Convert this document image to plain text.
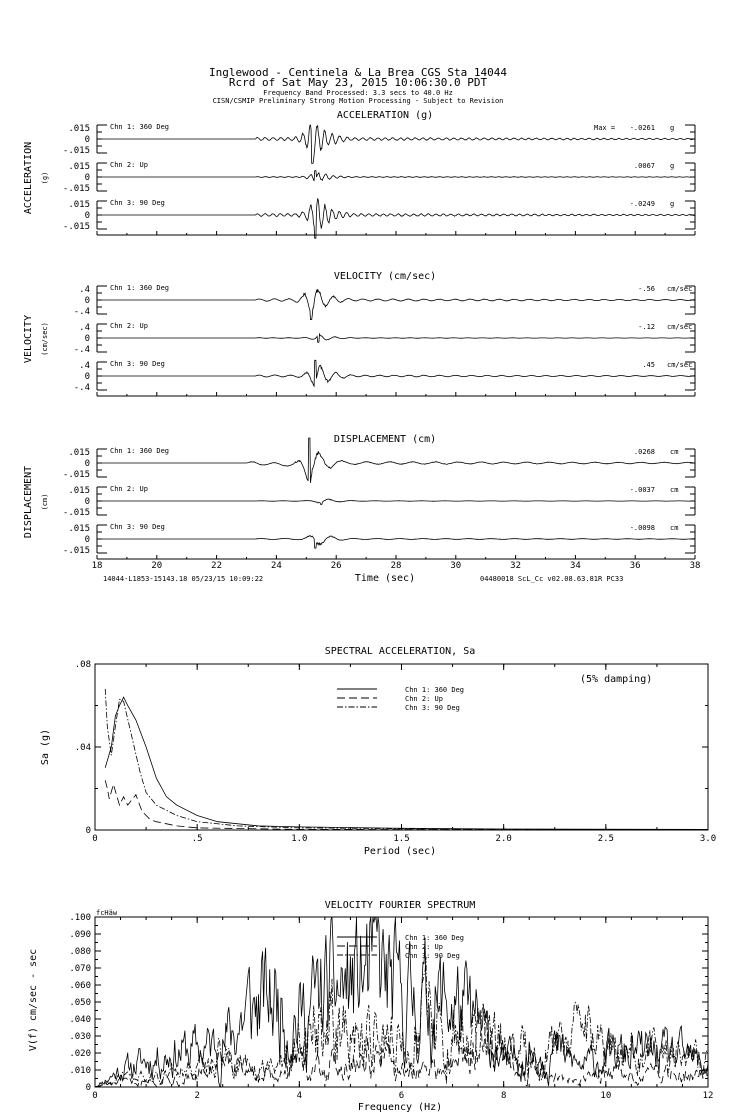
Inglewood - Centinela & La Brea CGS Sta 14044
Rcrd of Sat May 23, 2015 10:06:30.0 PDT
Frequency Band Processed: 3.3 secs to 40.0 Hz
CISN/CSMIP Preliminary Strong Motion Processing - Subject to Revision
ACCELERATION (g)
ACCELERATION (g)
.015
0
-.015
Chn 1: 360 Deg	Max = -.0261 g
.015
0
-.015
Chn 2: Up	.0067 g
.015
0
-.015
Chn 3: 90 Deg	-.0249 g
VELOCITY (cm/sec)
VELOCITY (cm/sec)
.4
0
-.4
Chn 1: 360 Deg	-.56 cm/sec
.4
0
-.4
Chn 2: Up	-.12 cm/sec
.4
0
-.4
Chn 3: 90 Deg	.45 cm/sec
DISPLACEMENT (cm)
DISPLACEMENT (cm)
18	20	22	24	26	28	30	32	34	36	38
.015
0
-.015
Chn 1: 360 Deg	.0268 cm
.015
0
-.015
Chn 2: Up	-.0037 cm
.015
0
-.015
Chn 3: 90 Deg	-.0098 cm
Time (sec)
14044-L1853-15143.18 05/23/15 10:09:22	04480018 ScL_Cc v02.08.63.81R PC33
0	.5	1.0	1.5	2.0	2.5	3.0
0
.04
.08
Chn 1: 360 Deg
Chn 2: Up
Chn 3: 90 Deg
SPECTRAL ACCELERATION, Sa
Period (sec)
Sa (g)
(5% damping)
0	2	4	6	8	10	12
0
.010
.020
.030
.040
.050
.060
.070
.080
.090
.100
Chn 1: 360 Deg
Chn 2: Up
Chn 3: 90 Deg
VELOCITY FOURIER SPECTRUM
Frequency (Hz)
V(f) cm/sec - sec
fcHäw
